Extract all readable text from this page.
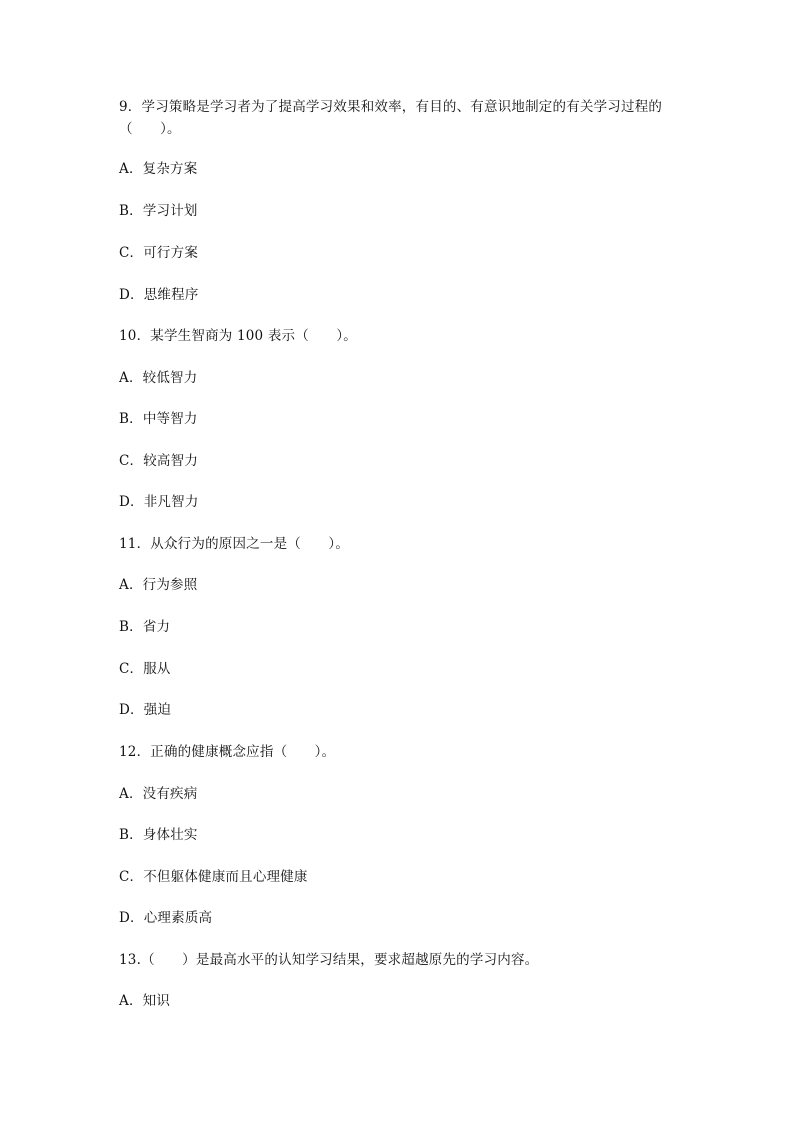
9．学习策略是学习者为了提高学习效果和效率，有目的、有意识地制定的有关学习过程的
（　　）。
A．复杂方案
B．学习计划
C．可行方案
D．思维程序
10．某学生智商为 100 表示（　　）。
A．较低智力
B．中等智力
C．较高智力
D．非凡智力
11．从众行为的原因之一是（　　）。
A．行为参照
B．省力
C．服从
D．强迫
12．正确的健康概念应指（　　）。
A．没有疾病
B．身体壮实
C．不但躯体健康而且心理健康
D．心理素质高
13.（　　）是最高水平的认知学习结果，要求超越原先的学习内容。
A．知识
